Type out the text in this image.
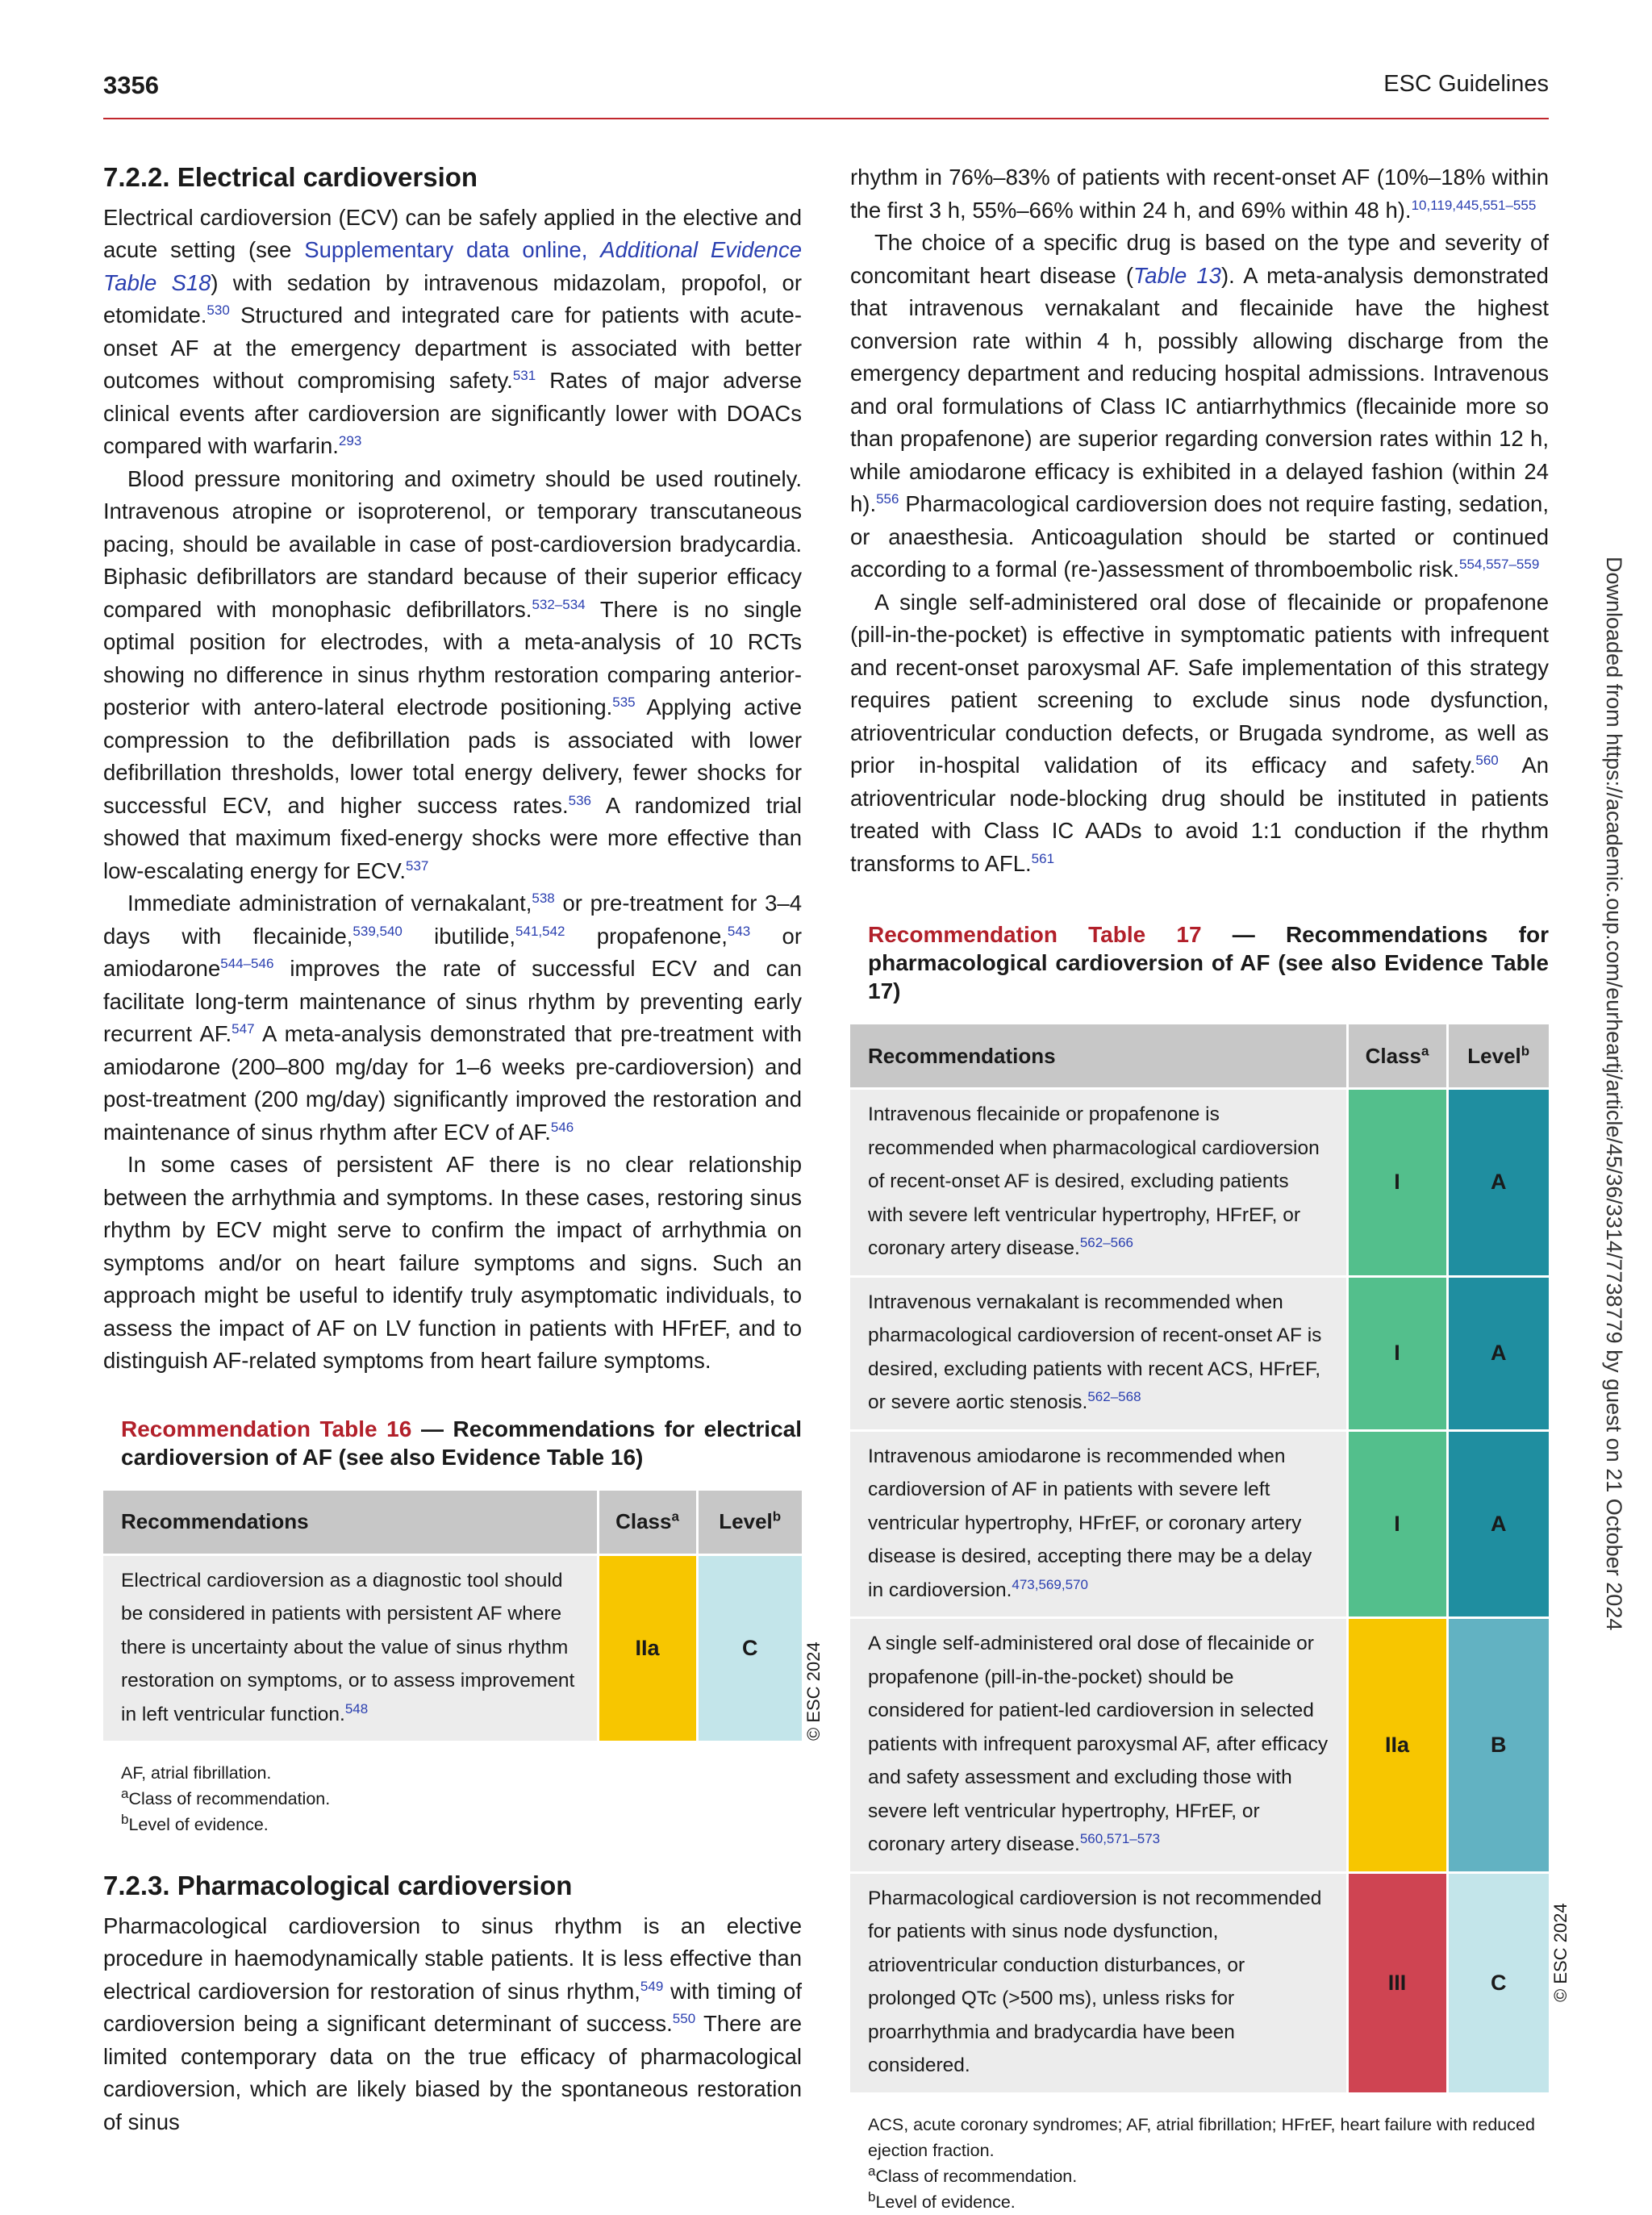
3356	ESC Guidelines
Downloaded from https://academic.oup.com/eurheartj/article/45/36/3314/7738779 by guest on 21 October 2024
7.2.2. Electrical cardioversion

Electrical cardioversion (ECV) can be safely applied in the elective and acute setting (see Supplementary data online, Additional Evidence Table S18) with sedation by intravenous midazolam, propofol, or etomidate.$^{530}$ Structured and integrated care for patients with acute-onset AF at the emergency department is associated with better outcomes without compromising safety.$^{531}$ Rates of major adverse clinical events after cardioversion are significantly lower with DOACs compared with warfarin.$^{293}$

Blood pressure monitoring and oximetry should be used routinely. Intravenous atropine or isoproterenol, or temporary transcutaneous pacing, should be available in case of post-cardioversion bradycardia. Biphasic defibrillators are standard because of their superior efficacy compared with monophasic defibrillators.$^{532-534}$ There is no single optimal position for electrodes, with a meta-analysis of 10 RCTs showing no difference in sinus rhythm restoration comparing anterior-posterior with antero-lateral electrode positioning.$^{535}$ Applying active compression to the defibrillation pads is associated with lower defibrillation thresholds, lower total energy delivery, fewer shocks for successful ECV, and higher success rates.$^{536}$ A randomized trial showed that maximum fixed-energy shocks were more effective than low-escalating energy for ECV.$^{537}$

Immediate administration of vernakalant,$^{538}$ or pre-treatment for 3–4 days with flecainide,$^{539,540}$ ibutilide,$^{541,542}$ propafenone,$^{543}$ or amiodarone$^{544-546}$ improves the rate of successful ECV and can facilitate long-term maintenance of sinus rhythm by preventing early recurrent AF.$^{547}$ A meta-analysis demonstrated that pre-treatment with amiodarone (200–800 mg/day for 1–6 weeks pre-cardioversion) and post-treatment (200 mg/day) significantly improved the restoration and maintenance of sinus rhythm after ECV of AF.$^{546}$

In some cases of persistent AF there is no clear relationship between the arrhythmia and symptoms. In these cases, restoring sinus rhythm by ECV might serve to confirm the impact of arrhythmia on symptoms and/or on heart failure symptoms and signs. Such an approach might be useful to identify truly asymptomatic individuals, to assess the impact of AF on LV function in patients with HFrEF, and to distinguish AF-related symptoms from heart failure symptoms.

Recommendation Table 16 — Recommendations for electrical cardioversion of AF (see also Evidence Table 16)
Recommendations	Class$^a$	Level$^b$
Electrical cardioversion as a diagnostic tool should be considered in patients with persistent AF where there is uncertainty about the value of sinus rhythm restoration on symptoms, or to assess improvement in left ventricular function.$^{548}$	IIa	C	© ESC 2024
AF, atrial fibrillation.
$^a$Class of recommendation.
$^b$Level of evidence.
7.2.3. Pharmacological cardioversion

Pharmacological cardioversion to sinus rhythm is an elective procedure in haemodynamically stable patients. It is less effective than electrical cardioversion for restoration of sinus rhythm,$^{549}$ with timing of cardioversion being a significant determinant of success.$^{550}$ There are limited contemporary data on the true efficacy of pharmacological cardioversion, which are likely biased by the spontaneous restoration of sinus

rhythm in 76%–83% of patients with recent-onset AF (10%–18% within the first 3 h, 55%–66% within 24 h, and 69% within 48 h).$^{10,119,445,551-555}$

The choice of a specific drug is based on the type and severity of concomitant heart disease (Table 13). A meta-analysis demonstrated that intravenous vernakalant and flecainide have the highest conversion rate within 4 h, possibly allowing discharge from the emergency department and reducing hospital admissions. Intravenous and oral formulations of Class IC antiarrhythmics (flecainide more so than propafenone) are superior regarding conversion rates within 12 h, while amiodarone efficacy is exhibited in a delayed fashion (within 24 h).$^{556}$ Pharmacological cardioversion does not require fasting, sedation, or anaesthesia. Anticoagulation should be started or continued according to a formal (re-)assessment of thromboembolic risk.$^{554,557-559}$

A single self-administered oral dose of flecainide or propafenone (pill-in-the-pocket) is effective in symptomatic patients with infrequent and recent-onset paroxysmal AF. Safe implementation of this strategy requires patient screening to exclude sinus node dysfunction, atrioventricular conduction defects, or Brugada syndrome, as well as prior in-hospital validation of its efficacy and safety.$^{560}$ An atrioventricular node-blocking drug should be instituted in patients treated with Class IC AADs to avoid 1:1 conduction if the rhythm transforms to AFL.$^{561}$

Recommendation Table 17 — Recommendations for pharmacological cardioversion of AF (see also Evidence Table 17)
Recommendations	Class$^a$	Level$^b$
Intravenous flecainide or propafenone is recommended when pharmacological cardioversion of recent-onset AF is desired, excluding patients with severe left ventricular hypertrophy, HFrEF, or coronary artery disease.$^{562-566}$	I	A
Intravenous vernakalant is recommended when pharmacological cardioversion of recent-onset AF is desired, excluding patients with recent ACS, HFrEF, or severe aortic stenosis.$^{562-568}$	I	A
Intravenous amiodarone is recommended when cardioversion of AF in patients with severe left ventricular hypertrophy, HFrEF, or coronary artery disease is desired, accepting there may be a delay in cardioversion.$^{473,569,570}$	I	A
A single self-administered oral dose of flecainide or propafenone (pill-in-the-pocket) should be considered for patient-led cardioversion in selected patients with infrequent paroxysmal AF, after efficacy and safety assessment and excluding those with severe left ventricular hypertrophy, HFrEF, or coronary artery disease.$^{560,571-573}$	IIa	B
Pharmacological cardioversion is not recommended for patients with sinus node dysfunction, atrioventricular conduction disturbances, or prolonged QTc (>500 ms), unless risks for proarrhythmia and bradycardia have been considered.	III	C © ESC 2024
ACS, acute coronary syndromes; AF, atrial fibrillation; HFrEF, heart failure with reduced ejection fraction.
$^a$Class of recommendation.
$^b$Level of evidence.
